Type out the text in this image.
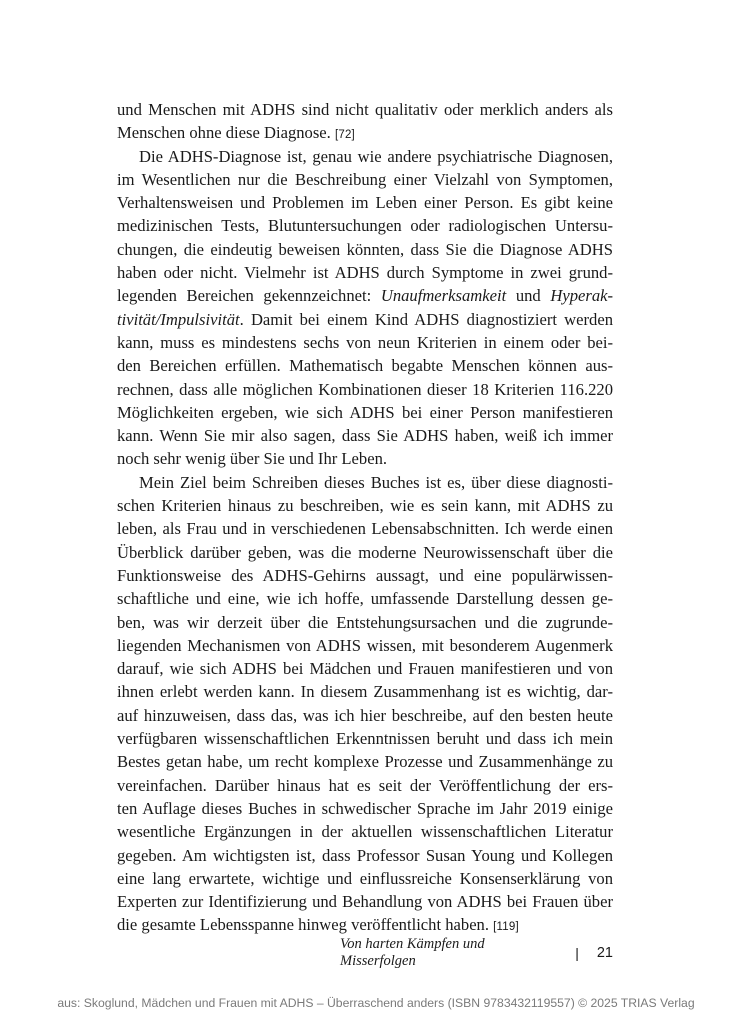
und Menschen mit ADHS sind nicht qualitativ oder merklich anders als
Menschen ohne diese Diagnose. [72]
Die ADHS-Diagnose ist, genau wie andere psychiatrische Diagnosen,
im Wesentlichen nur die Beschreibung einer Vielzahl von Symptomen,
Verhaltensweisen und Problemen im Leben einer Person. Es gibt keine
medizinischen Tests, Blutuntersuchungen oder radiologischen Untersu-
chungen, die eindeutig beweisen könnten, dass Sie die Diagnose ADHS
haben oder nicht. Vielmehr ist ADHS durch Symptome in zwei grund-
legenden Bereichen gekennzeichnet: Unaufmerksamkeit und Hyperak-
tivität/Impulsivität. Damit bei einem Kind ADHS diagnostiziert werden
kann, muss es mindestens sechs von neun Kriterien in einem oder bei-
den Bereichen erfüllen. Mathematisch begabte Menschen können aus-
rechnen, dass alle möglichen Kombinationen dieser 18 Kriterien 116.220
Möglichkeiten ergeben, wie sich ADHS bei einer Person manifestieren
kann. Wenn Sie mir also sagen, dass Sie ADHS haben, weiß ich immer
noch sehr wenig über Sie und Ihr Leben.
Mein Ziel beim Schreiben dieses Buches ist es, über diese diagnosti-
schen Kriterien hinaus zu beschreiben, wie es sein kann, mit ADHS zu
leben, als Frau und in verschiedenen Lebensabschnitten. Ich werde einen
Überblick darüber geben, was die moderne Neurowissenschaft über die
Funktionsweise des ADHS-Gehirns aussagt, und eine populärwissen-
schaftliche und eine, wie ich hoffe, umfassende Darstellung dessen ge-
ben, was wir derzeit über die Entstehungsursachen und die zugrunde-
liegenden Mechanismen von ADHS wissen, mit besonderem Augenmerk
darauf, wie sich ADHS bei Mädchen und Frauen manifestieren und von
ihnen erlebt werden kann. In diesem Zusammenhang ist es wichtig, dar-
auf hinzuweisen, dass das, was ich hier beschreibe, auf den besten heute
verfügbaren wissenschaftlichen Erkenntnissen beruht und dass ich mein
Bestes getan habe, um recht komplexe Prozesse und Zusammenhänge zu
vereinfachen. Darüber hinaus hat es seit der Veröffentlichung der ers-
ten Auflage dieses Buches in schwedischer Sprache im Jahr 2019 einige
wesentliche Ergänzungen in der aktuellen wissenschaftlichen Literatur
gegeben. Am wichtigsten ist, dass Professor Susan Young und Kollegen
eine lang erwartete, wichtige und einflussreiche Konsenserklärung von
Experten zur Identifizierung und Behandlung von ADHS bei Frauen über
die gesamte Lebensspanne hinweg veröffentlicht haben. [119]
Von harten Kämpfen und Misserfolgen	| 21
aus: Skoglund, Mädchen und Frauen mit ADHS – Überraschend anders (ISBN 9783432119557) © 2025 TRIAS Verlag
